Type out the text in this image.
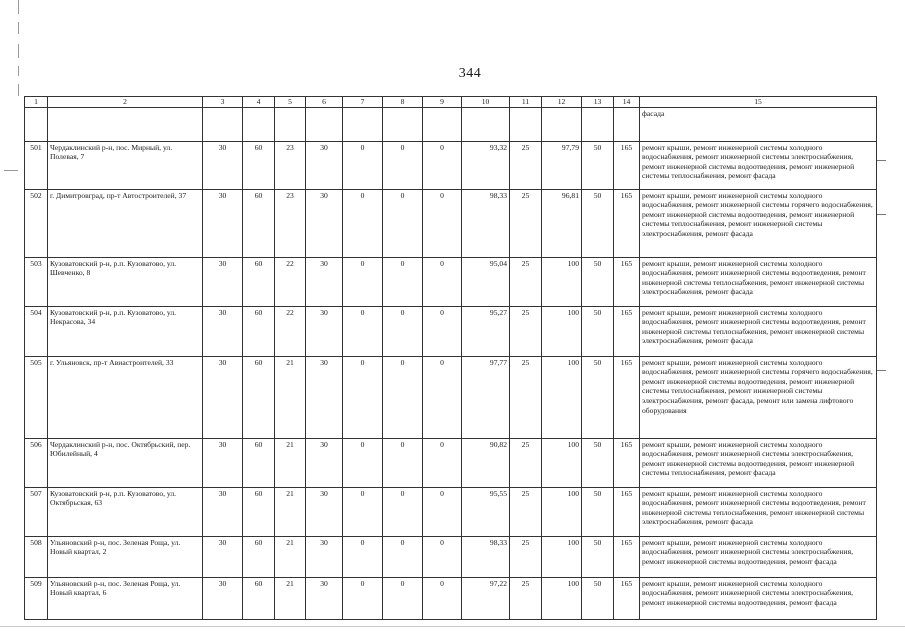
344
1	2	3	4	5	6	7	8	9	10	11	12	13	14	15
														фасада
501	Чердаклинский р-н, пос. Мирный, ул. Полевая, 7	30	60	23	30	0	0	0	93,32	25	97,79	50	165	ремонт крыши, ремонт инженерной системы холодного водоснабжения, ремонт инженерной системы электроснабжения, ремонт инженерной системы водоотведения, ремонт инженерной системы теплоснабжения, ремонт фасада
502	г. Димитровград, пр-т Автостроителей, 37	30	60	23	30	0	0	0	98,33	25	96,81	50	165	ремонт крыши, ремонт инженерной системы холодного водоснабжения, ремонт инженерной системы горячего водоснабжения, ремонт инженерной системы водоотведения, ремонт инженерной системы теплоснабжения, ремонт инженерной системы электроснабжения, ремонт фасада
503	Кузоватовский р-н, р.п. Кузоватово, ул. Шевченко, 8	30	60	22	30	0	0	0	95,04	25	100	50	165	ремонт крыши, ремонт инженерной системы холодного водоснабжения, ремонт инженерной системы водоотведения, ремонт инженерной системы теплоснабжения, ремонт инженерной системы электроснабжения, ремонт фасада
504	Кузоватовский р-н, р.п. Кузоватово, ул. Некрасова, 34	30	60	22	30	0	0	0	95,27	25	100	50	165	ремонт крыши, ремонт инженерной системы холодного водоснабжения, ремонт инженерной системы водоотведения, ремонт инженерной системы теплоснабжения, ремонт инженерной системы электроснабжения, ремонт фасада
505	г. Ульяновск, пр-т Авиастроителей, 33	30	60	21	30	0	0	0	97,77	25	100	50	165	ремонт крыши, ремонт инженерной системы холодного водоснабжения, ремонт инженерной системы горячего водоснабжения, ремонт инженерной системы водоотведения, ремонт инженерной системы теплоснабжения, ремонт инженерной системы электроснабжения, ремонт фасада, ремонт или замена лифтового оборудования
506	Чердаклинский р-н, пос. Октябрьский, пер. Юбилейный, 4	30	60	21	30	0	0	0	90,82	25	100	50	165	ремонт крыши, ремонт инженерной системы холодного водоснабжения, ремонт инженерной системы электроснабжения, ремонт инженерной системы водоотведения, ремонт инженерной системы теплоснабжения, ремонт фасада
507	Кузоватовский р-н, р.п. Кузоватово, ул. Октябрьская, 63	30	60	21	30	0	0	0	95,55	25	100	50	165	ремонт крыши, ремонт инженерной системы холодного водоснабжения, ремонт инженерной системы водоотведения, ремонт инженерной системы теплоснабжения, ремонт инженерной системы электроснабжения, ремонт фасада
508	Ульяновский р-н, пос. Зеленая Роща, ул. Новый квартал, 2	30	60	21	30	0	0	0	98,33	25	100	50	165	ремонт крыши, ремонт инженерной системы холодного водоснабжения, ремонт инженерной системы электроснабжения, ремонт инженерной системы водоотведения, ремонт фасада
509	Ульяновский р-н, пос. Зеленая Роща, ул. Новый квартал, 6	30	60	21	30	0	0	0	97,22	25	100	50	165	ремонт крыши, ремонт инженерной системы холодного водоснабжения, ремонт инженерной системы электроснабжения, ремонт инженерной системы водоотведения, ремонт фасада
